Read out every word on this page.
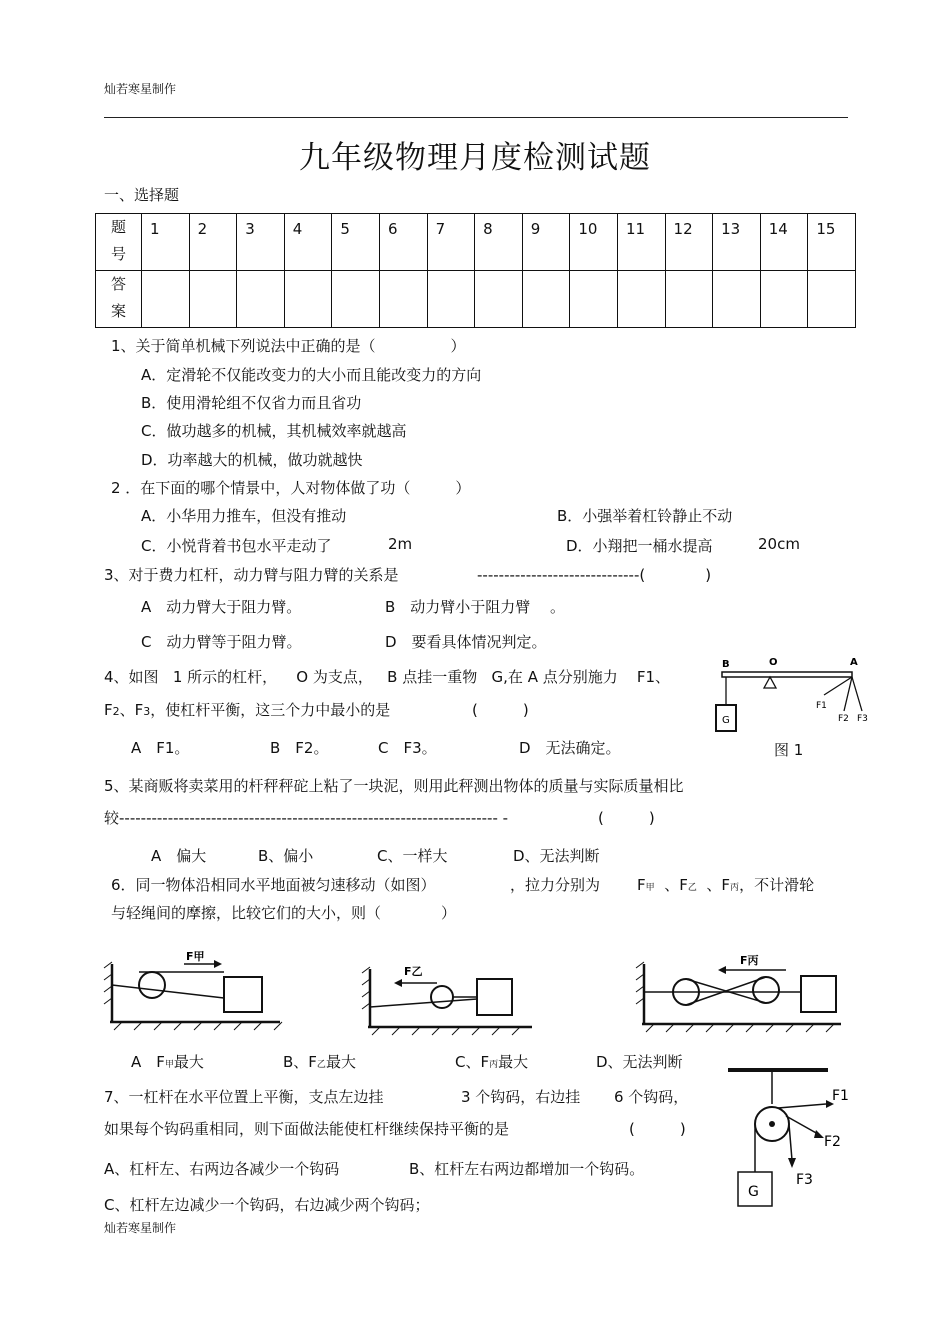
灿若寒星制作
九年级物理月度检测试题
一、选择题
题
号	1	2	3	4	5	6	7	8	9	10	11	12	13	14	15

答
案															

1、关于简单机械下列说法中正确的是（　　　　　）
A．定滑轮不仅能改变力的大小而且能改变力的方向
B．使用滑轮组不仅省力而且省功
C．做功越多的机械，其机械效率就越高
D．功率越大的机械，做功就越快
2 ．在下面的哪个情景中，人对物体做了功（　　　）
A．小华用力推车，但没有推动	B．小强举着杠铃静止不动
C．小悦背着书包水平走动了	2m	D．小翔把一桶水提高	20cm
3、对于费力杠杆，动力臂与阻力臂的关系是	------------------------------(　　　　)
A　动力臂大于阻力臂。	B　动力臂小于阻力臂　 。
C　动力臂等于阻力臂。	D　要看具体情况判定。
4、如图 1 所示的杠杆， O 为支点， B 点挂一重物 G,在 A 点分别施力 F1、
F2、F3，使杠杆平衡，这三个力中最小的是	(　　　)
A　F1。	B　F2。	C　F3。	D　无法确定。	图 1
B	O	A
G
F1
F2 F3
5、某商贩将卖菜用的杆秤秤砣上粘了一块泥，则用此秤测出物体的质量与实际质量相比
较---------------------------------------------------------------------- -	(　　　)
A　偏大	B、偏小	C、一样大	D、无法判断
6．同一物体沿相同水平地面被匀速移动（如图）	，拉力分别为 F甲 、F乙 、F丙，不计滑轮
与轻绳间的摩擦，比较它们的大小，则（　　　　）
F甲
F乙
F丙
A　F甲最大	B、F乙最大	C、F丙最大	D、无法判断
7、一杠杆在水平位置上平衡，支点左边挂	3 个钩码，右边挂 6 个钩码，
如果每个钩码重相同，则下面做法能使杠杆继续保持平衡的是	(　　　)
A、杠杆左、右两边各减少一个钩码	B、杠杆左右两边都增加一个钩码。
C、杠杆左边减少一个钩码，右边减少两个钩码；
G
F1
F2
F3
灿若寒星制作
